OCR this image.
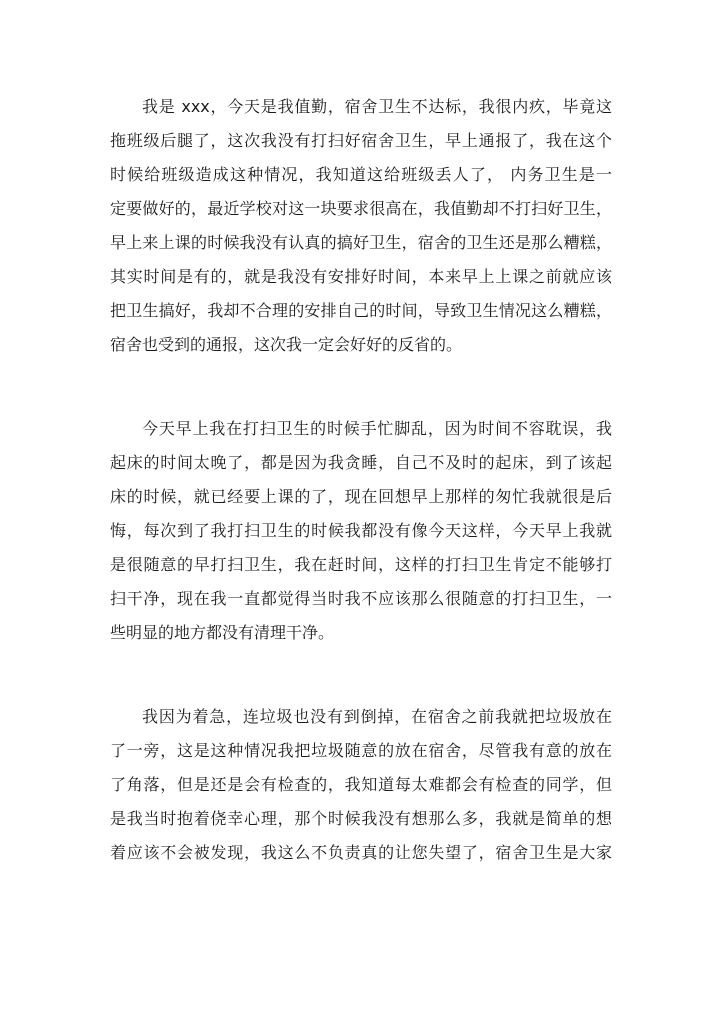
我是 xxx，今天是我值勤，宿舍卫生不达标，我很内疚，毕竟这
拖班级后腿了，这次我没有打扫好宿舍卫生，早上通报了，我在这个
时候给班级造成这种情况，我知道这给班级丢人了， 内务卫生是一
定要做好的，最近学校对这一块要求很高在，我值勤却不打扫好卫生，
早上来上课的时候我没有认真的搞好卫生，宿舍的卫生还是那么糟糕，
其实时间是有的，就是我没有安排好时间，本来早上上课之前就应该
把卫生搞好，我却不合理的安排自己的时间，导致卫生情况这么糟糕，
宿舍也受到的通报，这次我一定会好好的反省的。
今天早上我在打扫卫生的时候手忙脚乱，因为时间不容耽误，我
起床的时间太晚了，都是因为我贪睡，自己不及时的起床，到了该起
床的时候，就已经要上课的了，现在回想早上那样的匆忙我就很是后
悔，每次到了我打扫卫生的时候我都没有像今天这样，今天早上我就
是很随意的早打扫卫生，我在赶时间，这样的打扫卫生肯定不能够打
扫干净，现在我一直都觉得当时我不应该那么很随意的打扫卫生，一
些明显的地方都没有清理干净。
我因为着急，连垃圾也没有到倒掉，在宿舍之前我就把垃圾放在
了一旁，这是这种情况我把垃圾随意的放在宿舍，尽管我有意的放在
了角落，但是还是会有检查的，我知道每太难都会有检查的同学，但
是我当时抱着侥幸心理，那个时候我没有想那么多，我就是简单的想
着应该不会被发现，我这么不负责真的让您失望了，宿舍卫生是大家
